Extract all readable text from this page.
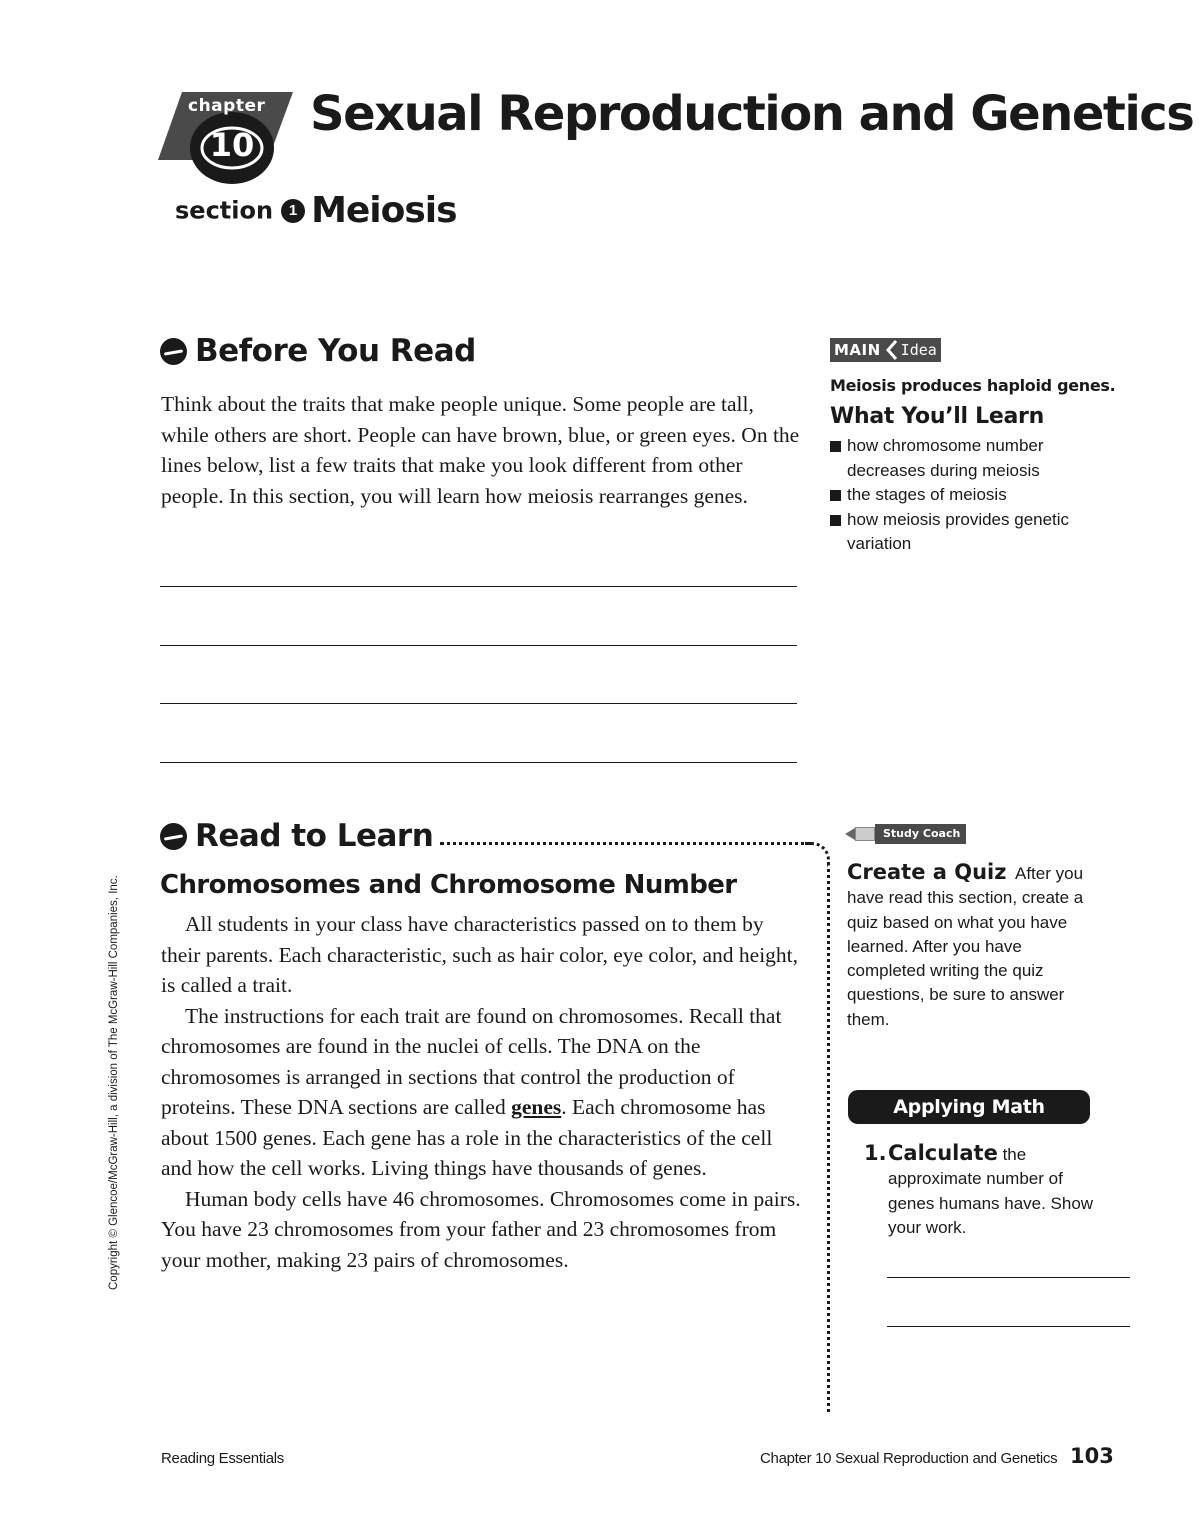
chapter
10
Sexual Reproduction and Genetics
section 1 Meiosis
Before You Read

Think about the traits that make people unique. Some people are tall, while others are short. People can have brown, blue, or green eyes. On the lines below, list a few traits that make you look different from other people. In this section, you will learn how meiosis rearranges genes.

MAIN Idea
Meiosis produces haploid genes.
What You’ll Learn
how chromosome number decreases during meiosis
the stages of meiosis
how meiosis provides genetic variation
Read to Learn
Chromosomes and Chromosome Number

All students in your class have characteristics passed on to them by their parents. Each characteristic, such as hair color, eye color, and height, is called a trait.

The instructions for each trait are found on chromosomes. Recall that chromosomes are found in the nuclei of cells. The DNA on the chromosomes is arranged in sections that control the production of proteins. These DNA sections are called genes. Each chromosome has about 1500 genes. Each gene has a role in the characteristics of the cell and how the cell works. Living things have thousands of genes.

Human body cells have 46 chromosomes. Chromosomes come in pairs. You have 23 chromosomes from your father and 23 chromosomes from your mother, making 23 pairs of chromosomes.

Study Coach
Create a Quiz After you have read this section, create a quiz based on what you have learned. After you have completed writing the quiz questions, be sure to answer them.
Applying Math
1. Calculate the approximate number of genes humans have. Show your work.
Copyright © Glencoe/McGraw-Hill, a division of The McGraw-Hill Companies, Inc.
Reading Essentials	Chapter 10 Sexual Reproduction and Genetics 103
